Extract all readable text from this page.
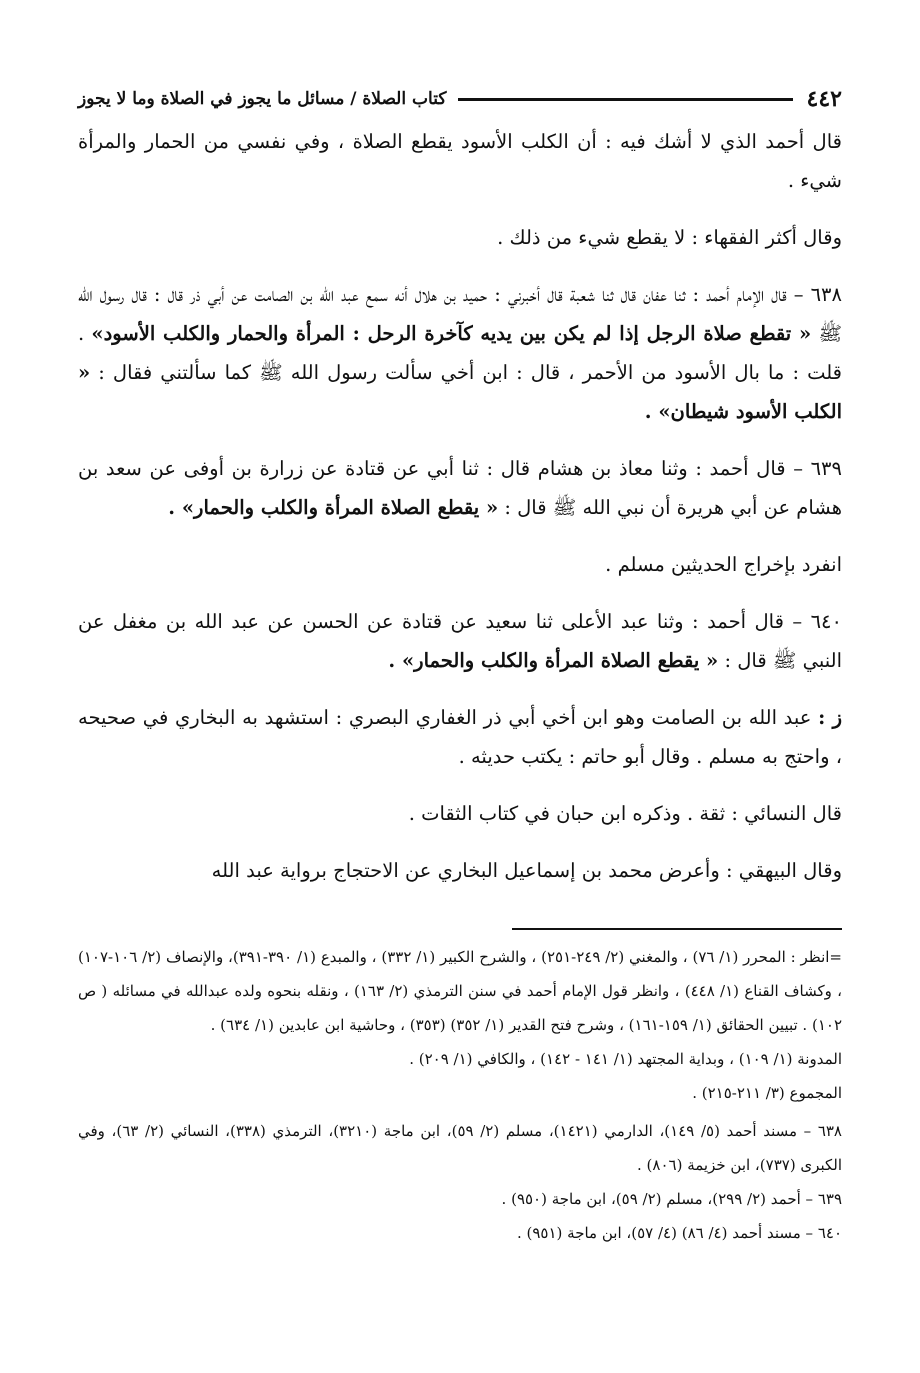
٤٤٢
كتاب الصلاة / مسائل ما يجوز في الصلاة وما لا يجوز

قال أحمد الذي لا أشك فيه : أن الكلب الأسود يقطع الصلاة ، وفي نفسي من الحمار والمرأة شيء .

وقال أكثر الفقهاء : لا يقطع شيء من ذلك .

٦٣٨ – قال الإمام أحمد : ثنا عفان قال ثنا شعبة قال أخبرني : حميد بن هلال أنه سمع عبد الله بن الصامت عن أبي ذر قال : قال رسول الله ﷺ « تقطع صلاة الرجل إذا لم يكن بين يديه كآخرة الرحل : المرأة والحمار والكلب الأسود» . قلت : ما بال الأسود من الأحمر ، قال : ابن أخي سألت رسول الله ﷺ كما سألتني فقال : « الكلب الأسود شيطان» .

٦٣٩ – قال أحمد : وثنا معاذ بن هشام قال : ثنا أبي عن قتادة عن زرارة بن أوفى عن سعد بن هشام عن أبي هريرة أن نبي الله ﷺ قال : « يقطع الصلاة المرأة والكلب والحمار» .

انفرد بإخراج الحديثين مسلم .

٦٤٠ – قال أحمد : وثنا عبد الأعلى ثنا سعيد عن قتادة عن الحسن عن عبد الله بن مغفل عن النبي ﷺ قال : « يقطع الصلاة المرأة والكلب والحمار» .

ز : عبد الله بن الصامت وهو ابن أخي أبي ذر الغفاري البصري : استشهد به البخاري في صحيحه ، واحتج به مسلم . وقال أبو حاتم : يكتب حديثه .

قال النسائي : ثقة . وذكره ابن حبان في كتاب الثقات .

وقال البيهقي : وأعرض محمد بن إسماعيل البخاري عن الاحتجاج برواية عبد الله

=انظر : المحرر (١/ ٧٦) ، والمغني (٢/ ٢٤٩-٢٥١) ، والشرح الكبير (١/ ٣٣٢) ، والمبدع (١/ ٣٩٠-٣٩١)، والإنصاف (٢/ ١٠٦-١٠٧) ، وكشاف القناع (١/ ٤٤٨) ، وانظر قول الإمام أحمد في سنن الترمذي (٢/ ١٦٣) ، ونقله بنحوه ولده عبدالله في مسائله ( ص ١٠٢) . تبيين الحقائق (١/ ١٥٩-١٦١) ، وشرح فتح القدير (١/ ٣٥٢) (٣٥٣) ، وحاشية ابن عابدين (١/ ٦٣٤) .

المدونة (١/ ١٠٩) ، وبداية المجتهد (١/ ١٤١ - ١٤٢) ، والكافي (١/ ٢٠٩) .

المجموع (٣/ ٢١١-٢١٥) .

٦٣٨ – مسند أحمد (٥/ ١٤٩)، الدارمي (١٤٢١)، مسلم (٢/ ٥٩)، ابن ماجة (٣٢١٠)، الترمذي (٣٣٨)، النسائي (٢/ ٦٣)، وفي الكبرى (٧٣٧)، ابن خزيمة (٨٠٦) .

٦٣٩ – أحمد (٢/ ٢٩٩)، مسلم (٢/ ٥٩)، ابن ماجة (٩٥٠) .

٦٤٠ – مسند أحمد (٤/ ٨٦) (٤/ ٥٧)، ابن ماجة (٩٥١) .
